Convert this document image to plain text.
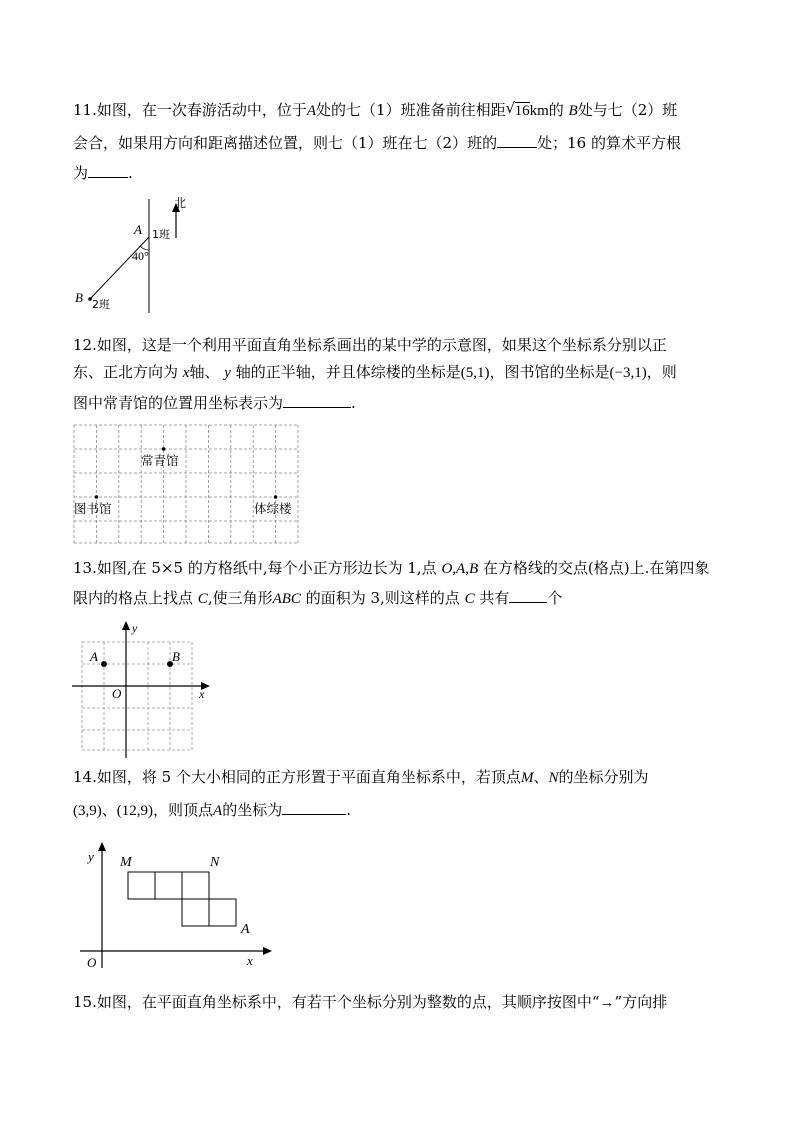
11.如图，在一次春游活动中，位于A处的七（1）班准备前往相距 √ 16km的 B处与七（2）班
会合，如果用方向和距离描述位置，则七（1）班在七（2）班的	处；16 的算术平方根
为	.
北
A 1班
40°
B 2班
12.如图，这是一个利用平面直角坐标系画出的某中学的示意图，如果这个坐标系分别以正
东、正北方向为 x轴、 y 轴的正半轴，并且体综楼的坐标是(5,1)，图书馆的坐标是(−3,1)，则
图中常青馆的位置用坐标表示为	.
常青馆
图书馆	体综楼
13.如图,在 5×5 的方格纸中,每个小正方形边长为 1,点 O,A,B 在方格线的交点(格点)上.在第四象
限内的格点上找点 C,使三角形ABC 的面积为 3,则这样的点 C 共有	个
y
x
A	B
O
14.如图，将 5 个大小相同的正方形置于平面直角坐标系中，若顶点M、N的坐标分别为
(3,9)、(12,9)，则顶点A的坐标为	.
y
x
O
M	N
A
15.如图，在平面直角坐标系中，有若干个坐标分别为整数的点，其顺序按图中“→”方向排
